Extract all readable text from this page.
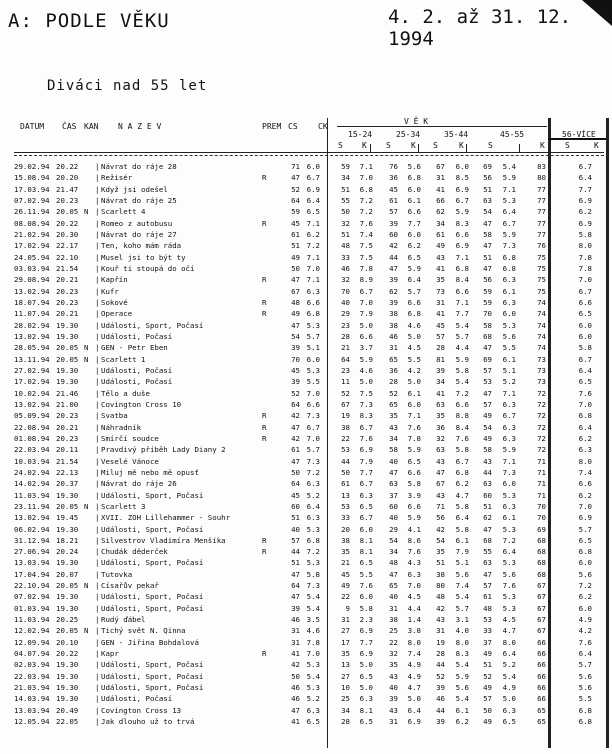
A: PODLE VĚKU	4. 2. až 31. 12. 1994
Diváci nad 55 let
DATUM ČAS KAN N A Z E V	PREM CS	CK
V Ě K
15-24	25-34	35-44	45-55	56-VÍCE
S K S	K S	K	S	K	S	K
29.02.94 20.22 | Návrat do ráje 28	71 6.0	59	7.1	76	5.6	67	6.0	69	5.4	83	6.7
15.08.94 20.20 | Režisér	R	47 6.7	34	7.0	36	6.8	31	8.5	56	5.9	80	6.4
17.03.94 21.47 | Když jsi odešel	52 6.9	51	6.8	45	6.0	41	6.9	51	7.1	77	7.7
07.02.94 20.23 | Návrat do ráje 25	64 6.4	55	7.2	61	6.1	66	6.7	63	5.3	77	6.9
26.11.94 20.05 N | Scarlett 4	59 6.5	50	7.2	57	6.6	62	5.9	54	6.4	77	6.2
08.08.94 20.22 | Romeo z autobusu	R	45 7.1	32	7.6	39	7.7	34	8.3	47	6.7	77	6.9
21.02.94 20.30 | Návrat do ráje 27	61 6.2	51	7.4	60	6.0	61	6.6	58	5.9	77	5.8
17.02.94 22.17 | Ten, koho mám ráda	51 7.2	48	7.5	42	6.2	49	6.9	47	7.3	76	8.0
24.05.94 22.10 | Musel jsi to být ty	49 7.1	33	7.5	44	6.5	43	7.1	51	6.8	75	7.8
03.03.94 21.54 | Kouř ti stoupá do očí	50 7.0	46	7.8	47	5.9	41	6.8	47	6.8	75	7.8
29.08.94 20.21 | Kapřín	R	47 7.1	32	8.9	39	6.4	35	8.4	56	6.3	75	7.0
13.02.94 20.23 | Kufr	67 6.3	70	6.7	62	5.7	73	6.6	59	6.1	75	6.7
18.07.94 20.23 | Sokové	R	48 6.6	40	7.0	39	6.6	31	7.1	59	6.3	74	6.6
11.07.94 20.21 | Operace	R	49 6.8	29	7.9	38	6.8	41	7.7	70	6.0	74	6.5
28.02.94 19.30 | Události, Sport, Počasí	47 5.3	23	5.0	38	4.6	45	5.4	58	5.3	74	6.0
13.02.94 19.30 | Události, Počasí	54 5.7	28	6.6	46	5.0	57	5.7	68	5.6	74	6.0
28.05.94 20.05 N | GEN - Petr Eben	39 5.1	21	3.7	31	4.5	28	4.4	47	5.5	74	5.8
13.11.94 20.05 N | Scarlett 1	70 6.0	64	5.9	65	5.5	81	5.9	69	6.1	73	6.7
27.02.94 19.30 | Události, Počasí	45 5.3	23	4.6	36	4.2	39	5.8	57	5.1	73	6.4
17.02.94 19.30 | Události, Počasí	39 5.5	11	5.0	28	5.0	34	5.4	53	5.2	73	6.5
10.02.94 21.46 | Tělo a duše	52 7.0	52	7.5	52	6.1	41	7.2	47	7.1	72	7.6
13.02.94 21.00 | Covington Cross 10	64 6.6	67	7.3	65	6.0	63	6.6	57	6.3	72	7.0
05.09.94 20.23 | Svatba	R	42 7.3	19	8.3	35	7.1	35	8.8	49	6.7	72	6.8
22.08.94 20.21 | Náhradník	R	47 6.7	38	6.7	43	7.6	36	8.4	54	6.3	72	6.4
01.08.94 20.23 | Smírčí soudce	R	42 7.0	22	7.6	34	7.8	32	7.6	49	6.3	72	6.2
22.03.94 20.11 | Pravdivý příběh Lady Diany 2	61 5.7	53	6.9	58	5.9	63	5.8	58	5.9	72	6.3
10.03.94 21.54 | Veselé Vánoce	47 7.3	44	7.9	40	6.5	43	6.7	43	7.1	71	8.0
24.02.94 22.13 | Miluj mě nebo mě opusť	50 7.2	50	7.7	47	6.6	47	6.8	44	7.3	71	7.4
14.02.94 20.37 | Návrat do ráje 26	64 6.3	61	6.7	63	5.8	67	6.2	63	6.0	71	6.6
11.03.94 19.30 | Události, Sport, Počasí	45 5.2	13	6.3	37	3.9	43	4.7	60	5.3	71	6.2
23.11.94 20.05 N | Scarlett 3	60 6.4	53	6.5	60	6.6	71	5.8	51	6.3	70	7.0
13.02.94 19.45 | XVII. ZOH Lillehammer - Souhr	51 6.3	33	6.7	40	5.9	56	6.4	62	6.1	70	6.9
06.02.94 19.30 | Události, Sport, Počasí	40 5.3	20	6.0	29	4.1	42	5.8	47	5.3	69	5.7
31.12.94 18.21 | Silvestrov Vladimíra Menšíka	R	57 6.8	38	8.1	54	8.6	54	6.1	68	7.2	68	6.5
27.06.94 20.24 | Chudák děderček	R	44 7.2	35	8.1	34	7.6	35	7.9	55	6.4	68	6.8
13.03.94 19.30 | Události, Sport, Počasí	51 5.3	21	6.5	48	4.3	51	5.1	63	5.3	68	6.0
17.04.94 20.07 | Tutovka	47 5.8	45	5.5	47	6.3	38	5.6	47	5.6	68	5.6
22.10.94 20.05 N | Císařův pekař	64 7.3	49	7.6	65	7.0	80	7.4	57	7.6	67	7.2
07.02.94 19.30 | Události, Sport, Počasí	47 5.4	22	6.0	40	4.5	48	5.4	61	5.3	67	6.2
01.03.94 19.30 | Události, Sport, Počasí	39 5.4	9	5.8	31	4.4	42	5.7	48	5.3	67	6.0
11.03.94 20.25 | Rudý ďábel	46 3.5	31	2.3	38	1.4	43	3.1	53	4.5	67	4.9
12.02.94 20.05 N | Tichý svět N. Qinna	31 4.6	27	6.9	25	3.8	31	4.0	33	4.7	67	4.2
12.09.94 20.10 | GEN - Jiřina Bohdalová	31 7.8	17	7.7	22	8.0	19	8.0	37	8.0	66	7.6
04.07.94 20.22 | Kapr	R	41 7.0	35	6.9	32	7.4	28	8.3	49	6.4	66	6.4
02.03.94 19.30 | Události, Sport, Počasí	42 5.3	13	5.0	35	4.9	44	5.4	51	5.2	66	5.7
22.03.94 19.30 | Události, Sport, Počasí	50 5.4	27	6.5	43	4.9	52	5.9	52	5.4	66	5.6
21.03.94 19.30 | Události, Sport, Počasí	46 5.3	10	5.0	40	4.7	39	5.6	49	4.9	66	5.6
14.03.94 19.30 | Události, Počasí	46 5.2	25	6.3	39	5.0	46	5.4	57	5.0	66	5.5
13.03.94 20.49 | Covington Cross 13	47 6.3	34	8.1	43	6.4	44	6.1	50	6.3	65	6.8
12.05.94 22.05 | Jak dlouho už to trvá	41 6.5	28	6.5	31	6.9	39	6.2	49	6.5	65	6.8
